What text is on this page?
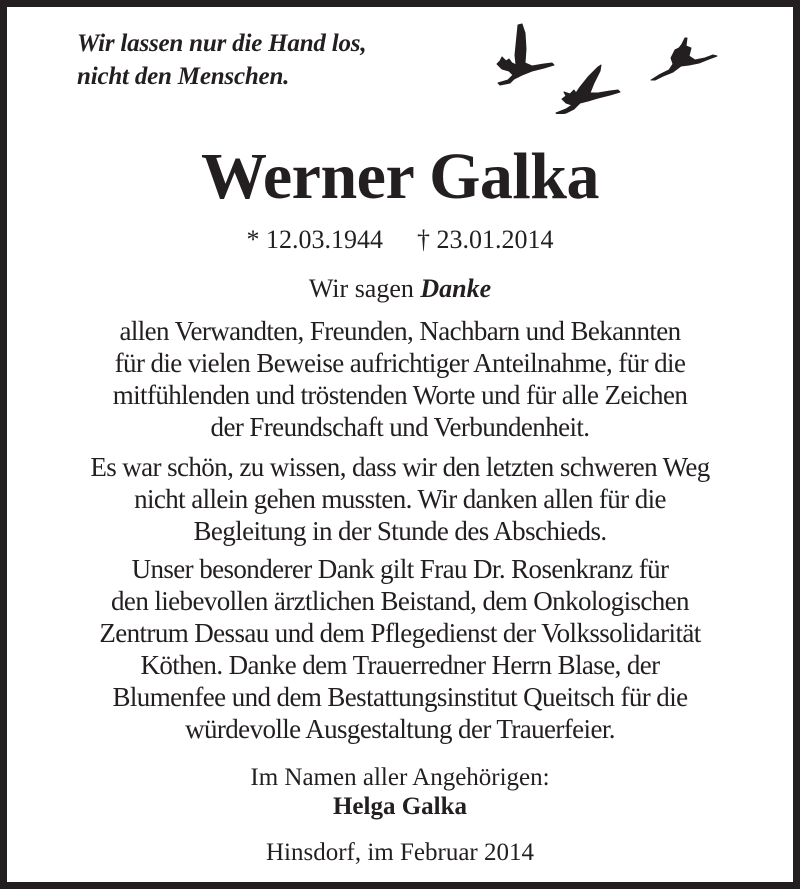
Wir lassen nur die Hand los,
nicht den Menschen.
Werner Galka
* 12.03.1944 † 23.01.2014
Wir sagen Danke
allen Verwandten, Freunden, Nachbarn und Bekannten
für die vielen Beweise aufrichtiger Anteilnahme, für die
mitfühlenden und tröstenden Worte und für alle Zeichen
der Freundschaft und Verbundenheit.
Es war schön, zu wissen, dass wir den letzten schweren Weg
nicht allein gehen mussten. Wir danken allen für die
Begleitung in der Stunde des Abschieds.
Unser besonderer Dank gilt Frau Dr. Rosenkranz für
den liebevollen ärztlichen Beistand, dem Onkologischen
Zentrum Dessau und dem Pflegedienst der Volkssolidarität
Köthen. Danke dem Trauerredner Herrn Blase, der
Blumenfee und dem Bestattungsinstitut Queitsch für die
würdevolle Ausgestaltung der Trauerfeier.
Im Namen aller Angehörigen:
Helga Galka
Hinsdorf, im Februar 2014
